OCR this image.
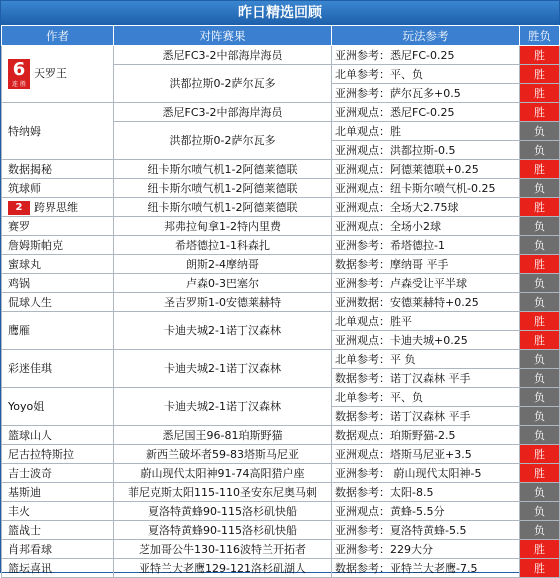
昨日精选回顾
作者	对阵赛果	玩法参考	胜负

6
连 胜
天罗王	悉尼FC3-2中部海岸海员	亚洲参考：悉尼FC-0.25	胜
	洪都拉斯0-2萨尔瓦多	北单参考：平、负	胜
		亚洲参考：萨尔瓦多+0.5	胜
特纳姆	悉尼FC3-2中部海岸海员	亚洲观点：悉尼FC-0.25	胜
	洪都拉斯0-2萨尔瓦多	北单观点：胜	负
		亚洲观点：洪都拉斯-0.5	负
数据揭秘	纽卡斯尔喷气机1-2阿德莱德联	亚洲观点：阿德莱德联+0.25	胜
筑球师	纽卡斯尔喷气机1-2阿德莱德联	亚洲观点：纽卡斯尔喷气机-0.25	负
2 跨界思维	纽卡斯尔喷气机1-2阿德莱德联	亚洲观点：全场大2.75球	胜
赛罗	邦弗拉甸拿1-2特内里费	亚洲观点：全场小2球	负
詹姆斯帕克	希塔德拉1-1科森扎	亚洲参考：希塔德拉-1	负
蜜球丸	朗斯2-4摩纳哥	数据参考：摩纳哥 平手	胜
鸡锅	卢森0-3巴塞尔	亚洲参考：卢森受让平半球	负
侃球人生	圣吉罗斯1-0安德莱赫特	亚洲数据：安德莱赫特+0.25	负
鹰雁	卡迪夫城2-1诺丁汉森林	北单观点：胜平	胜
		亚洲观点：卡迪夫城+0.25	胜
彩迷佳琪	卡迪夫城2-1诺丁汉森林	北单参考：平 负	负
		数据参考：诺丁汉森林 平手	负
Yoyo姐	卡迪夫城2-1诺丁汉森林	北单参考：平、负	负
		数据参考：诺丁汉森林 平手	负
篮球山人	悉尼国王96-81珀斯野猫	数据观点：珀斯野猫-2.5	负
尼古拉特斯拉	新西兰破坏者59-83塔斯马尼亚	亚洲观点：塔斯马尼亚+3.5	胜
吉士波奇	蔚山现代太阳神91-74高阳猎户座	亚洲参考： 蔚山现代太阳神-5	胜
基斯迪	菲尼克斯太阳115-110圣安东尼奥马刺	数据参考：太阳-8.5	负
丰火	夏洛特黄蜂90-115洛杉矶快船	亚洲观点：黄蜂-5.5分	负
篮战士	夏洛特黄蜂90-115洛杉矶快船	亚洲参考：夏洛特黄蜂-5.5	负
肖邦看球	芝加哥公牛130-116波特兰开拓者	亚洲参考：229大分	胜
篮坛喜讯	亚特兰大老鹰129-121洛杉矶湖人	数据参考：亚特兰大老鹰-7.5	胜
